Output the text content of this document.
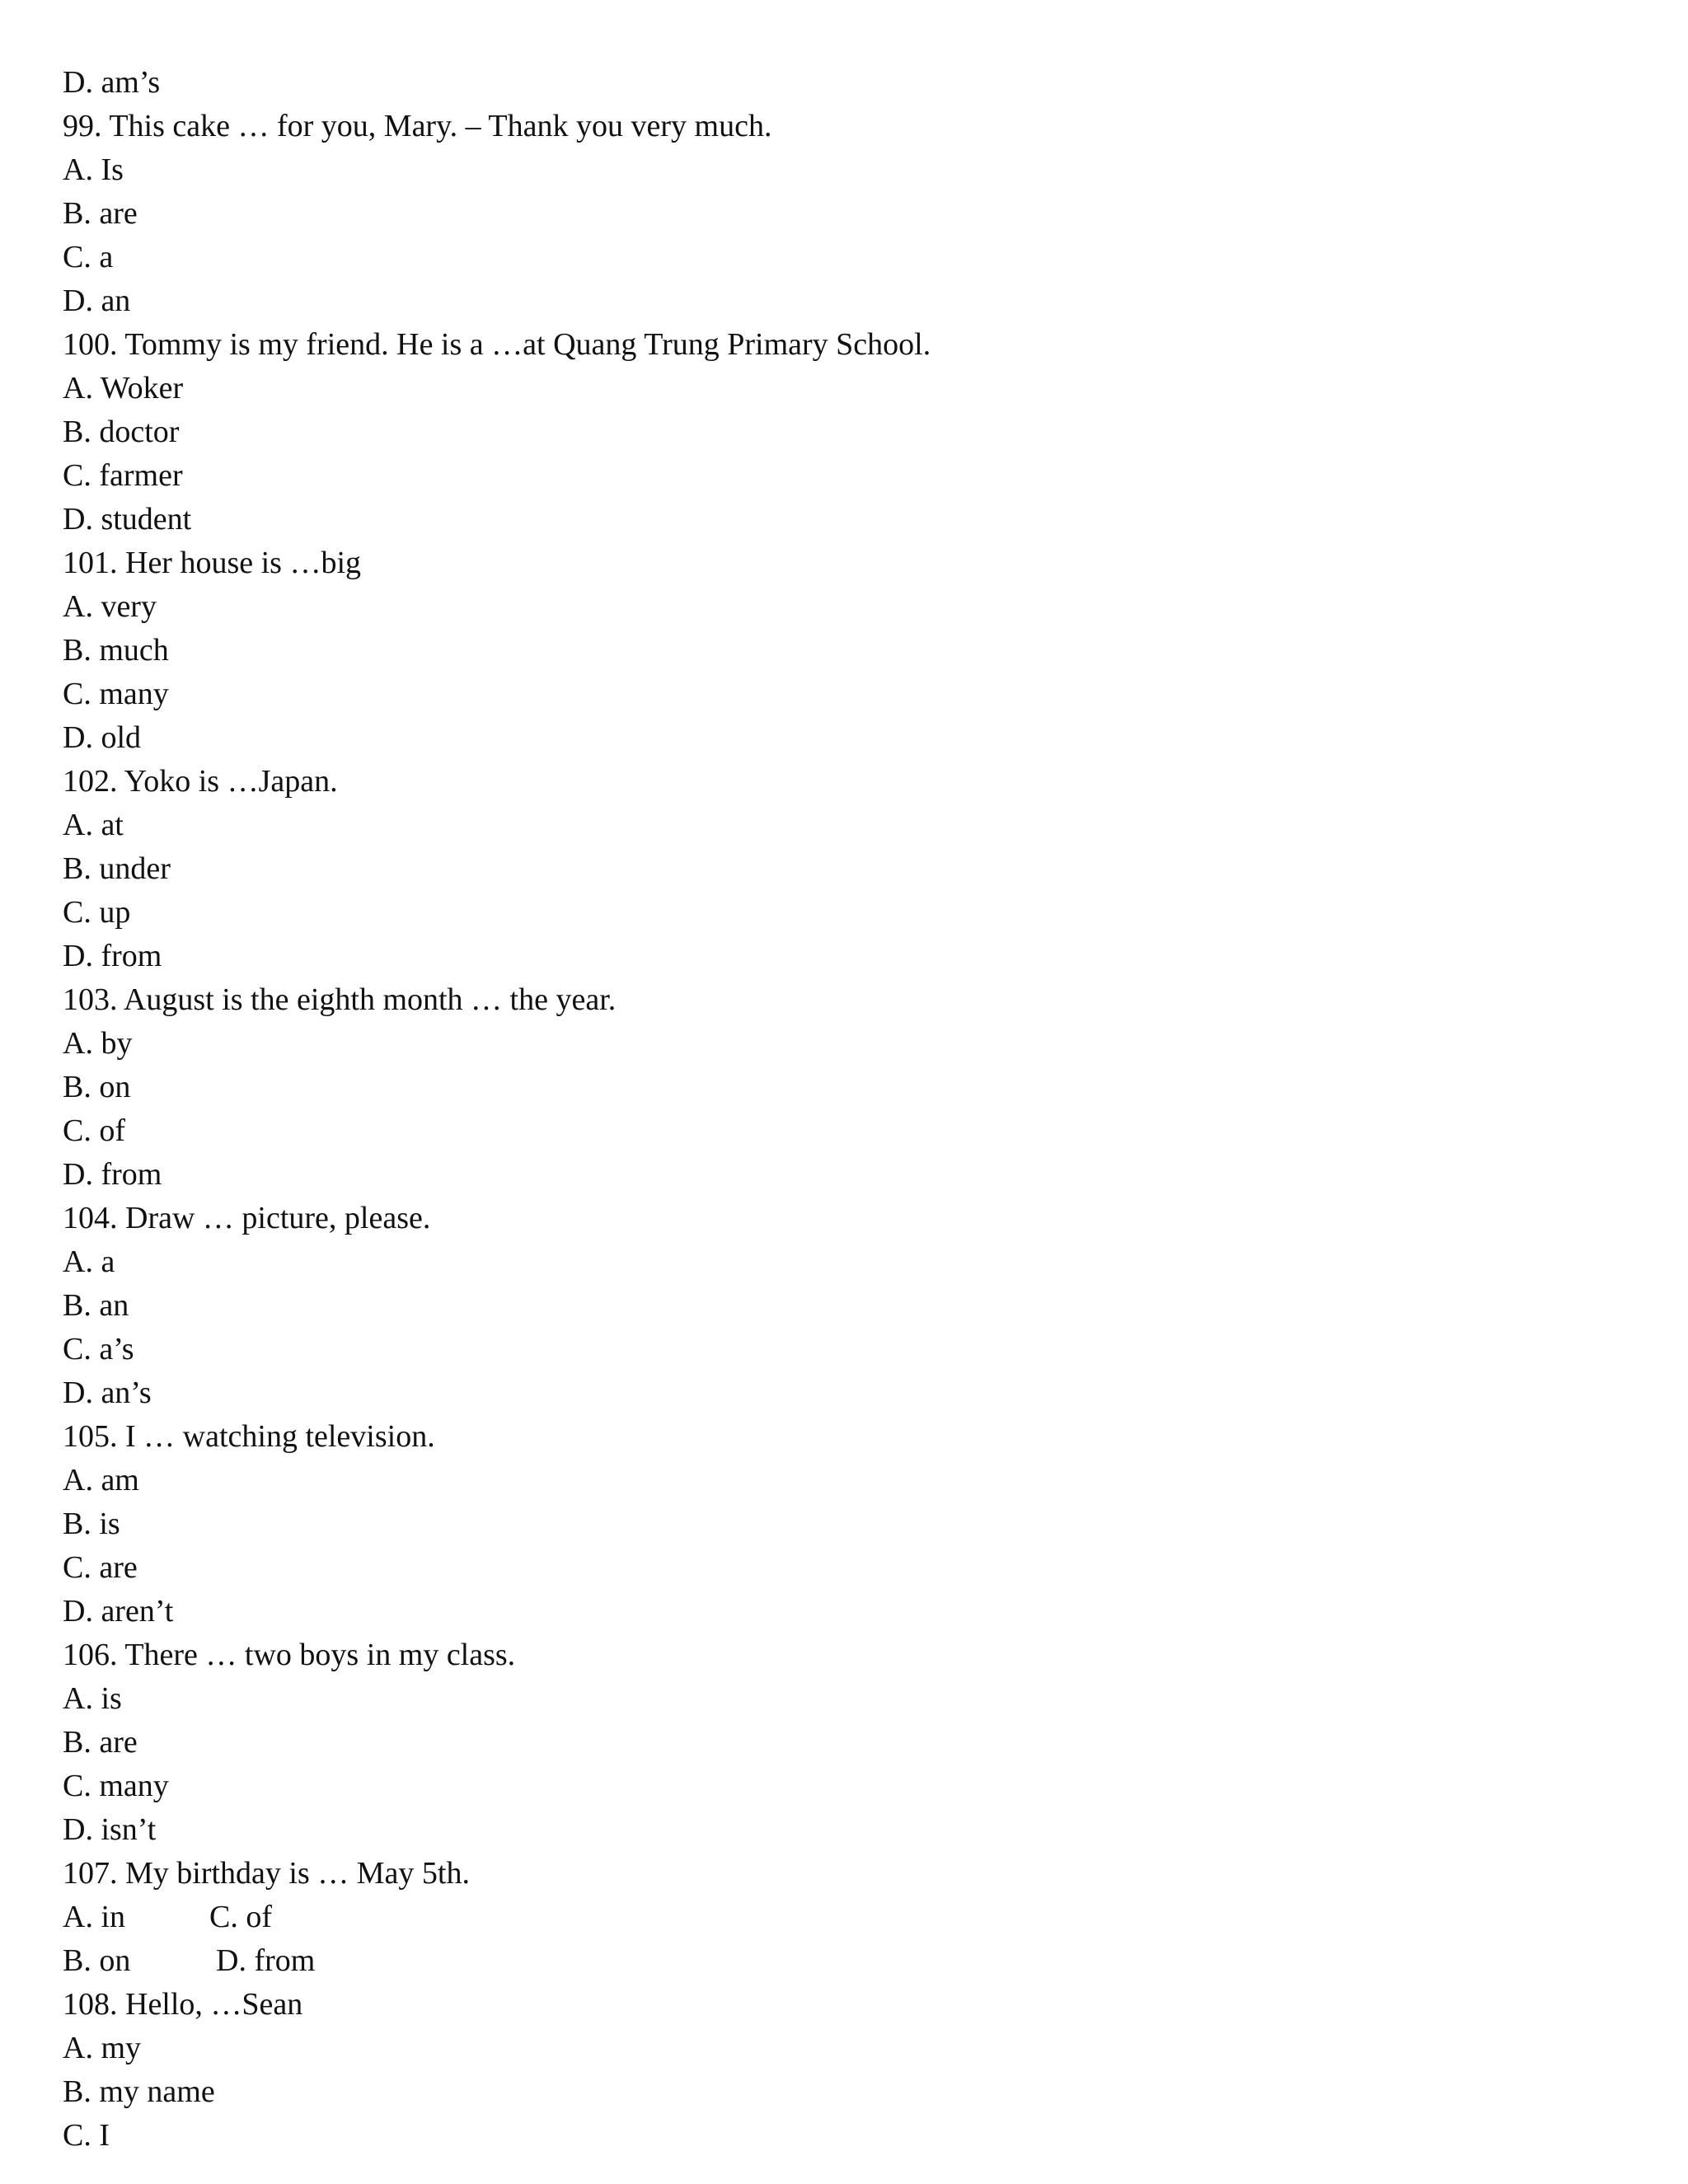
D. am’s
99. This cake … for you, Mary. – Thank you very much.
A. Is
B. are
C. a
D. an
100. Tommy is my friend. He is a …at Quang Trung Primary School.
A. Woker
B. doctor
C. farmer
D. student
101. Her house is …big
A. very
B. much
C. many
D. old
102. Yoko is …Japan.
A. at
B. under
C. up
D. from
103. August is the eighth month … the year.
A. by
B. on
C. of
D. from
104. Draw … picture, please.
A. a
B. an
C. a’s
D. an’s
105. I … watching television.
A. am
B. is
C. are
D. aren’t
106. There … two boys in my class.
A. is
B. are
C. many
D. isn’t
107. My birthday is … May 5th.
A. in	C. of
B. on	D. from
108. Hello, …Sean
A. my
B. my name
C. I
